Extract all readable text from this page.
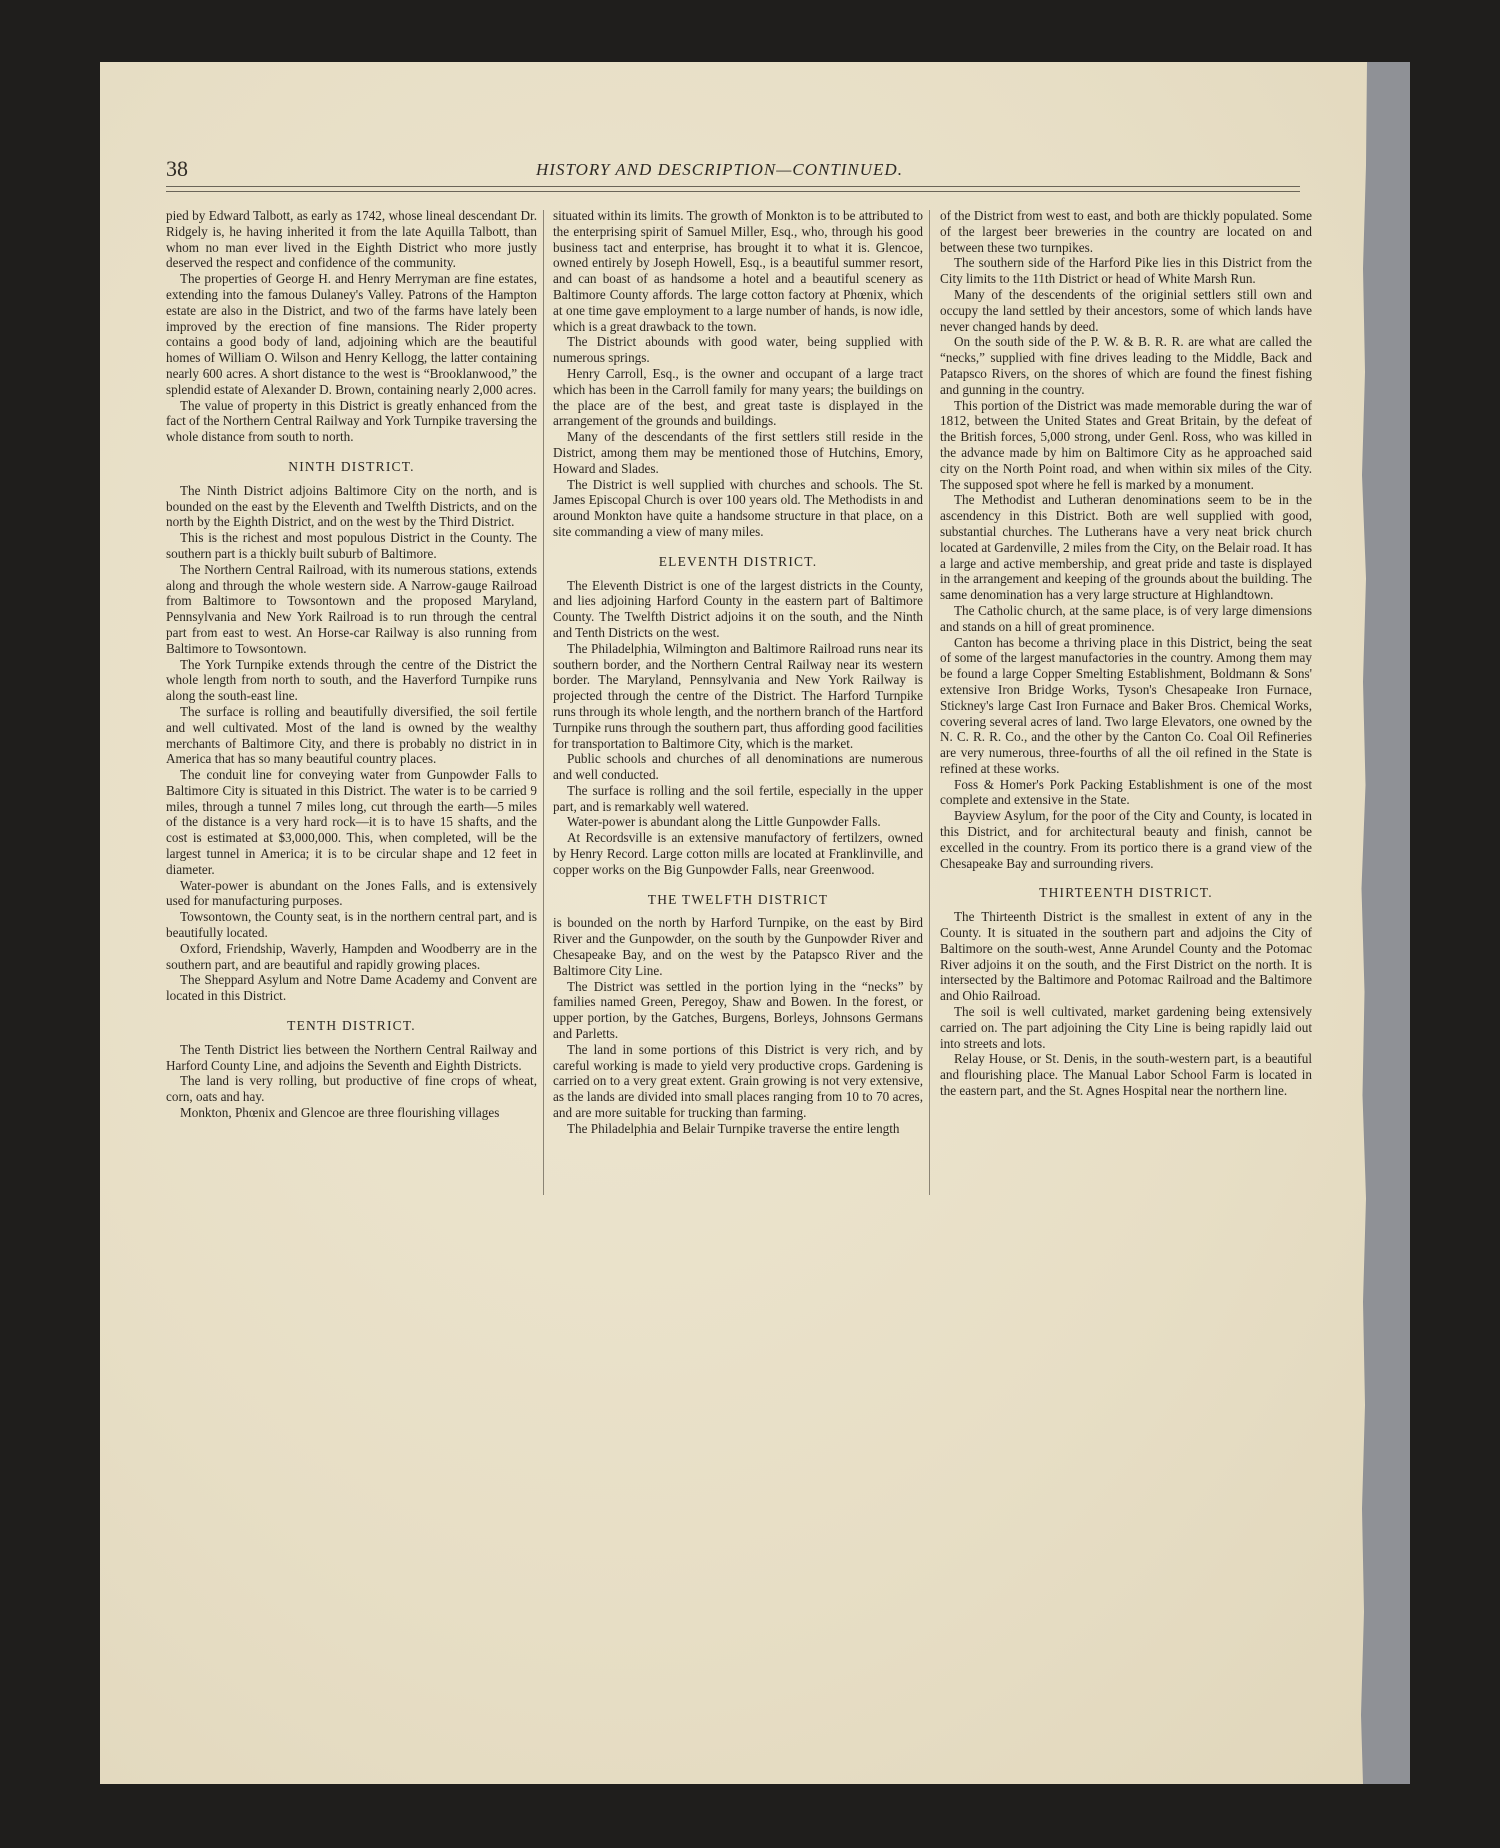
38	HISTORY AND DESCRIPTION—CONTINUED.

pied by Edward Talbott, as early as 1742, whose lineal descendant Dr. Ridgely is, he having inherited it from the late Aquilla Talbott, than whom no man ever lived in the Eighth District who more justly deserved the respect and confidence of the community.

The properties of George H. and Henry Merryman are fine estates, extending into the famous Dulaney's Valley. Patrons of the Hampton estate are also in the District, and two of the farms have lately been improved by the erection of fine mansions. The Rider property contains a good body of land, adjoining which are the beautiful homes of William O. Wilson and Henry Kellogg, the latter containing nearly 600 acres. A short distance to the west is “Brooklanwood,” the splendid estate of Alexander D. Brown, containing nearly 2,000 acres.

The value of property in this District is greatly enhanced from the fact of the Northern Central Railway and York Turnpike traversing the whole distance from south to north.

NINTH DISTRICT.

The Ninth District adjoins Baltimore City on the north, and is bounded on the east by the Eleventh and Twelfth Districts, and on the north by the Eighth District, and on the west by the Third District.

This is the richest and most populous District in the County. The southern part is a thickly built suburb of Baltimore.

The Northern Central Railroad, with its numerous stations, extends along and through the whole western side. A Narrow-gauge Railroad from Baltimore to Towsontown and the proposed Maryland, Pennsylvania and New York Railroad is to run through the central part from east to west. An Horse-car Railway is also running from Baltimore to Towsontown.

The York Turnpike extends through the centre of the District the whole length from north to south, and the Haverford Turnpike runs along the south-east line.

The surface is rolling and beautifully diversified, the soil fertile and well cultivated. Most of the land is owned by the wealthy merchants of Baltimore City, and there is probably no district in in America that has so many beautiful country places.

The conduit line for conveying water from Gunpowder Falls to Baltimore City is situated in this District. The water is to be carried 9 miles, through a tunnel 7 miles long, cut through the earth—5 miles of the distance is a very hard rock—it is to have 15 shafts, and the cost is estimated at $3,000,000. This, when completed, will be the largest tunnel in America; it is to be circular shape and 12 feet in diameter.

Water-power is abundant on the Jones Falls, and is extensively used for manufacturing purposes.

Towsontown, the County seat, is in the northern central part, and is beautifully located.

Oxford, Friendship, Waverly, Hampden and Woodberry are in the southern part, and are beautiful and rapidly growing places.

The Sheppard Asylum and Notre Dame Academy and Convent are located in this District.

TENTH DISTRICT.

The Tenth District lies between the Northern Central Railway and Harford County Line, and adjoins the Seventh and Eighth Districts.

The land is very rolling, but productive of fine crops of wheat, corn, oats and hay.

Monkton, Phœnix and Glencoe are three flourishing villages

situated within its limits. The growth of Monkton is to be attributed to the enterprising spirit of Samuel Miller, Esq., who, through his good business tact and enterprise, has brought it to what it is. Glencoe, owned entirely by Joseph Howell, Esq., is a beautiful summer resort, and can boast of as handsome a hotel and a beautiful scenery as Baltimore County affords. The large cotton factory at Phœnix, which at one time gave employment to a large number of hands, is now idle, which is a great drawback to the town.

The District abounds with good water, being supplied with numerous springs.

Henry Carroll, Esq., is the owner and occupant of a large tract which has been in the Carroll family for many years; the buildings on the place are of the best, and great taste is displayed in the arrangement of the grounds and buildings.

Many of the descendants of the first settlers still reside in the District, among them may be mentioned those of Hutchins, Emory, Howard and Slades.

The District is well supplied with churches and schools. The St. James Episcopal Church is over 100 years old. The Methodists in and around Monkton have quite a handsome structure in that place, on a site commanding a view of many miles.

ELEVENTH DISTRICT.

The Eleventh District is one of the largest districts in the County, and lies adjoining Harford County in the eastern part of Baltimore County. The Twelfth District adjoins it on the south, and the Ninth and Tenth Districts on the west.

The Philadelphia, Wilmington and Baltimore Railroad runs near its southern border, and the Northern Central Railway near its western border. The Maryland, Pennsylvania and New York Railway is projected through the centre of the District. The Harford Turnpike runs through its whole length, and the northern branch of the Hartford Turnpike runs through the southern part, thus affording good facilities for transportation to Baltimore City, which is the market.

Public schools and churches of all denominations are numerous and well conducted.

The surface is rolling and the soil fertile, especially in the upper part, and is remarkably well watered.

Water-power is abundant along the Little Gunpowder Falls.

At Recordsville is an extensive manufactory of fertilzers, owned by Henry Record. Large cotton mills are located at Franklinville, and copper works on the Big Gunpowder Falls, near Greenwood.

THE TWELFTH DISTRICT

is bounded on the north by Harford Turnpike, on the east by Bird River and the Gunpowder, on the south by the Gunpowder River and Chesapeake Bay, and on the west by the Patapsco River and the Baltimore City Line.

The District was settled in the portion lying in the “necks” by families named Green, Peregoy, Shaw and Bowen. In the forest, or upper portion, by the Gatches, Burgens, Borleys, Johnsons Germans and Parletts.

The land in some portions of this District is very rich, and by careful working is made to yield very productive crops. Gardening is carried on to a very great extent. Grain growing is not very extensive, as the lands are divided into small places ranging from 10 to 70 acres, and are more suitable for trucking than farming.

The Philadelphia and Belair Turnpike traverse the entire length

of the District from west to east, and both are thickly populated. Some of the largest beer breweries in the country are located on and between these two turnpikes.

The southern side of the Harford Pike lies in this District from the City limits to the 11th District or head of White Marsh Run.

Many of the descendents of the originial settlers still own and occupy the land settled by their ancestors, some of which lands have never changed hands by deed.

On the south side of the P. W. & B. R. R. are what are called the “necks,” supplied with fine drives leading to the Middle, Back and Patapsco Rivers, on the shores of which are found the finest fishing and gunning in the country.

This portion of the District was made memorable during the war of 1812, between the United States and Great Britain, by the defeat of the British forces, 5,000 strong, under Genl. Ross, who was killed in the advance made by him on Baltimore City as he approached said city on the North Point road, and when within six miles of the City. The supposed spot where he fell is marked by a monument.

The Methodist and Lutheran denominations seem to be in the ascendency in this District. Both are well supplied with good, substantial churches. The Lutherans have a very neat brick church located at Gardenville, 2 miles from the City, on the Belair road. It has a large and active membership, and great pride and taste is displayed in the arrangement and keeping of the grounds about the building. The same denomination has a very large structure at Highlandtown.

The Catholic church, at the same place, is of very large dimensions and stands on a hill of great prominence.

Canton has become a thriving place in this District, being the seat of some of the largest manufactories in the country. Among them may be found a large Copper Smelting Establishment, Boldmann & Sons' extensive Iron Bridge Works, Tyson's Chesapeake Iron Furnace, Stickney's large Cast Iron Furnace and Baker Bros. Chemical Works, covering several acres of land. Two large Elevators, one owned by the N. C. R. R. Co., and the other by the Canton Co. Coal Oil Refineries are very numerous, three-fourths of all the oil refined in the State is refined at these works.

Foss & Homer's Pork Packing Establishment is one of the most complete and extensive in the State.

Bayview Asylum, for the poor of the City and County, is located in this District, and for architectural beauty and finish, cannot be excelled in the country. From its portico there is a grand view of the Chesapeake Bay and surrounding rivers.

THIRTEENTH DISTRICT.

The Thirteenth District is the smallest in extent of any in the County. It is situated in the southern part and adjoins the City of Baltimore on the south-west, Anne Arundel County and the Potomac River adjoins it on the south, and the First District on the north. It is intersected by the Baltimore and Potomac Railroad and the Baltimore and Ohio Railroad.

The soil is well cultivated, market gardening being extensively carried on. The part adjoining the City Line is being rapidly laid out into streets and lots.

Relay House, or St. Denis, in the south-western part, is a beautiful and flourishing place. The Manual Labor School Farm is located in the eastern part, and the St. Agnes Hospital near the northern line.
